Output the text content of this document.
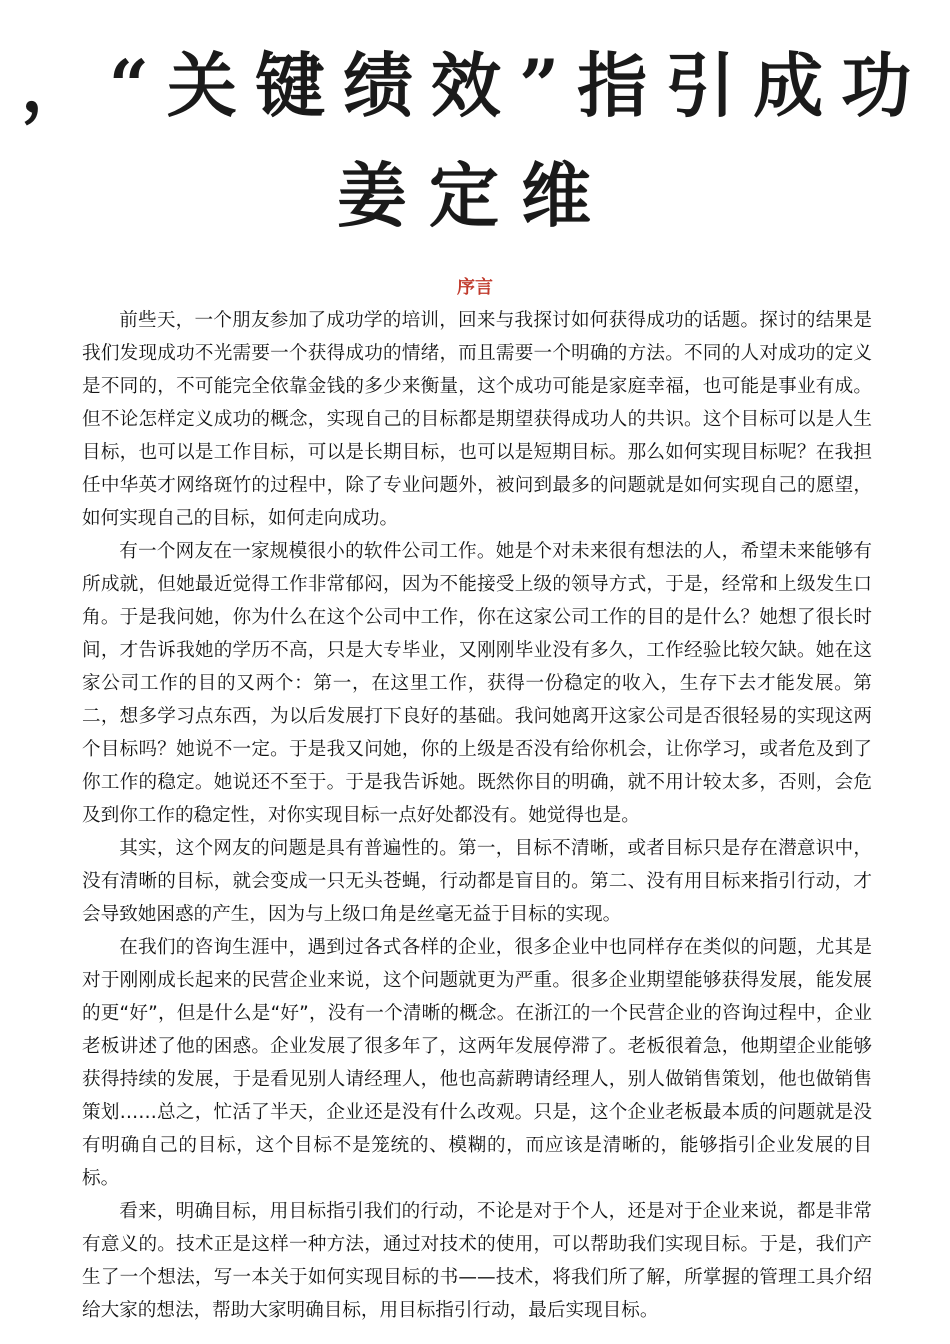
，“关键绩效”指引成功
姜定维
序言

前些天，一个朋友参加了成功学的培训，回来与我探讨如何获得成功的话题。探讨的结果是我们发现成功不光需要一个获得成功的情绪，而且需要一个明确的方法。不同的人对成功的定义是不同的，不可能完全依靠金钱的多少来衡量，这个成功可能是家庭幸福，也可能是事业有成。但不论怎样定义成功的概念，实现自己的目标都是期望获得成功人的共识。这个目标可以是人生目标，也可以是工作目标，可以是长期目标，也可以是短期目标。那么如何实现目标呢？在我担任中华英才网络斑竹的过程中，除了专业问题外，被问到最多的问题就是如何实现自己的愿望，如何实现自己的目标，如何走向成功。

有一个网友在一家规模很小的软件公司工作。她是个对未来很有想法的人，希望未来能够有所成就，但她最近觉得工作非常郁闷，因为不能接受上级的领导方式，于是，经常和上级发生口角。于是我问她，你为什么在这个公司中工作，你在这家公司工作的目的是什么？她想了很长时间，才告诉我她的学历不高，只是大专毕业，又刚刚毕业没有多久，工作经验比较欠缺。她在这家公司工作的目的又两个：第一，在这里工作，获得一份稳定的收入，生存下去才能发展。第二，想多学习点东西，为以后发展打下良好的基础。我问她离开这家公司是否很轻易的实现这两个目标吗？她说不一定。于是我又问她，你的上级是否没有给你机会，让你学习，或者危及到了你工作的稳定。她说还不至于。于是我告诉她。既然你目的明确，就不用计较太多，否则，会危及到你工作的稳定性，对你实现目标一点好处都没有。她觉得也是。

其实，这个网友的问题是具有普遍性的。第一，目标不清晰，或者目标只是存在潜意识中，没有清晰的目标，就会变成一只无头苍蝇，行动都是盲目的。第二、没有用目标来指引行动，才会导致她困惑的产生，因为与上级口角是丝毫无益于目标的实现。

在我们的咨询生涯中，遇到过各式各样的企业，很多企业中也同样存在类似的问题，尤其是对于刚刚成长起来的民营企业来说，这个问题就更为严重。很多企业期望能够获得发展，能发展的更“好”，但是什么是“好”，没有一个清晰的概念。在浙江的一个民营企业的咨询过程中，企业老板讲述了他的困惑。企业发展了很多年了，这两年发展停滞了。老板很着急，他期望企业能够获得持续的发展，于是看见别人请经理人，他也高薪聘请经理人，别人做销售策划，他也做销售策划……总之，忙活了半天，企业还是没有什么改观。只是，这个企业老板最本质的问题就是没有明确自己的目标，这个目标不是笼统的、模糊的，而应该是清晰的，能够指引企业发展的目标。

看来，明确目标，用目标指引我们的行动，不论是对于个人，还是对于企业来说，都是非常有意义的。技术正是这样一种方法，通过对技术的使用，可以帮助我们实现目标。于是，我们产生了一个想法，写一本关于如何实现目标的书——技术，将我们所了解，所掌握的管理工具介绍给大家的想法，帮助大家明确目标，用目标指引行动，最后实现目标。
